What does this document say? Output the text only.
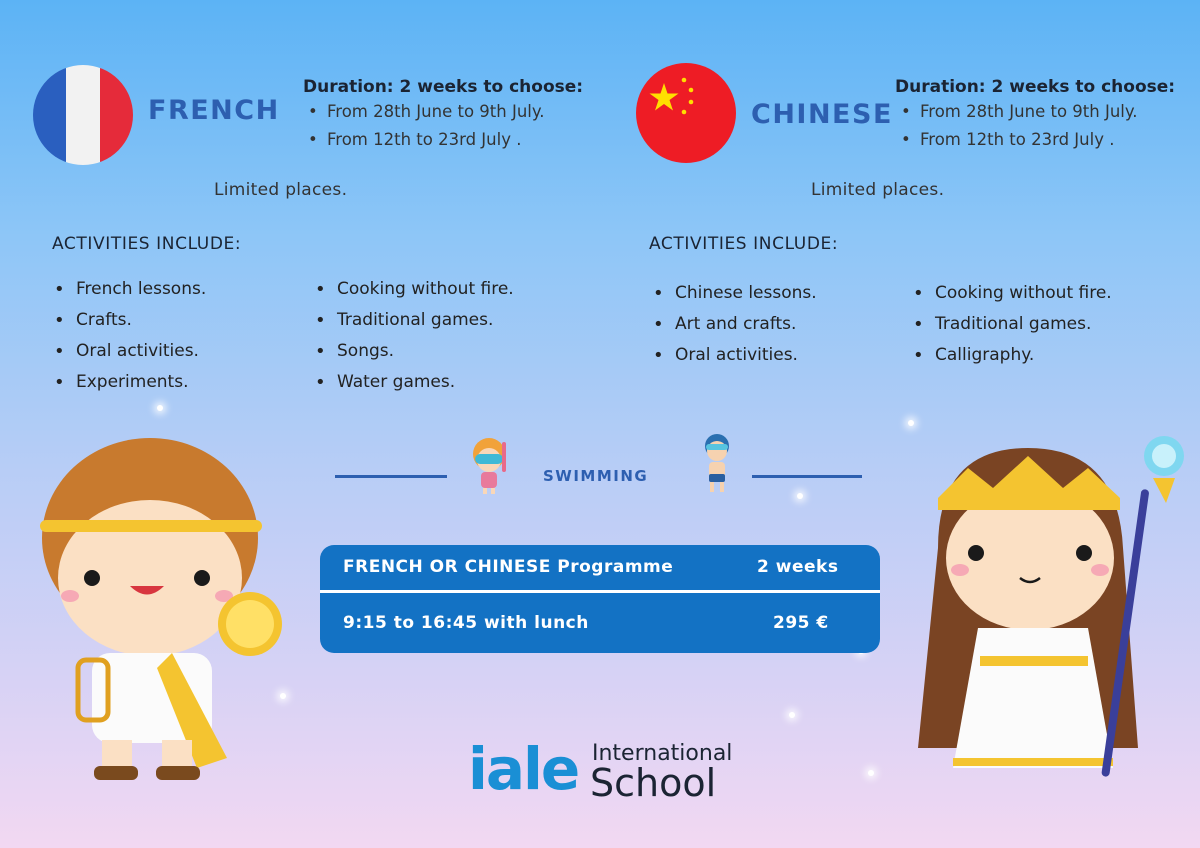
FRENCH
Duration: 2 weeks to choose:
• From 28th June to 9th July.
• From 12th to 23rd July .
Limited places.
ACTIVITIES INCLUDE:
• French lessons.
• Crafts.
• Oral activities.
• Experiments.
• Cooking without fire.
• Traditional games.
• Songs.
• Water games.
CHINESE
Duration: 2 weeks to choose:
• From 28th June to 9th July.
• From 12th to 23rd July .
Limited places.
ACTIVITIES INCLUDE:
• Chinese lessons.
• Art and crafts.
• Oral activities.
• Cooking without fire.
• Traditional games.
• Calligraphy.
SWIMMING
FRENCH OR CHINESE Programme	2 weeks
9:15 to 16:45 with lunch	295 €
iale International
School
